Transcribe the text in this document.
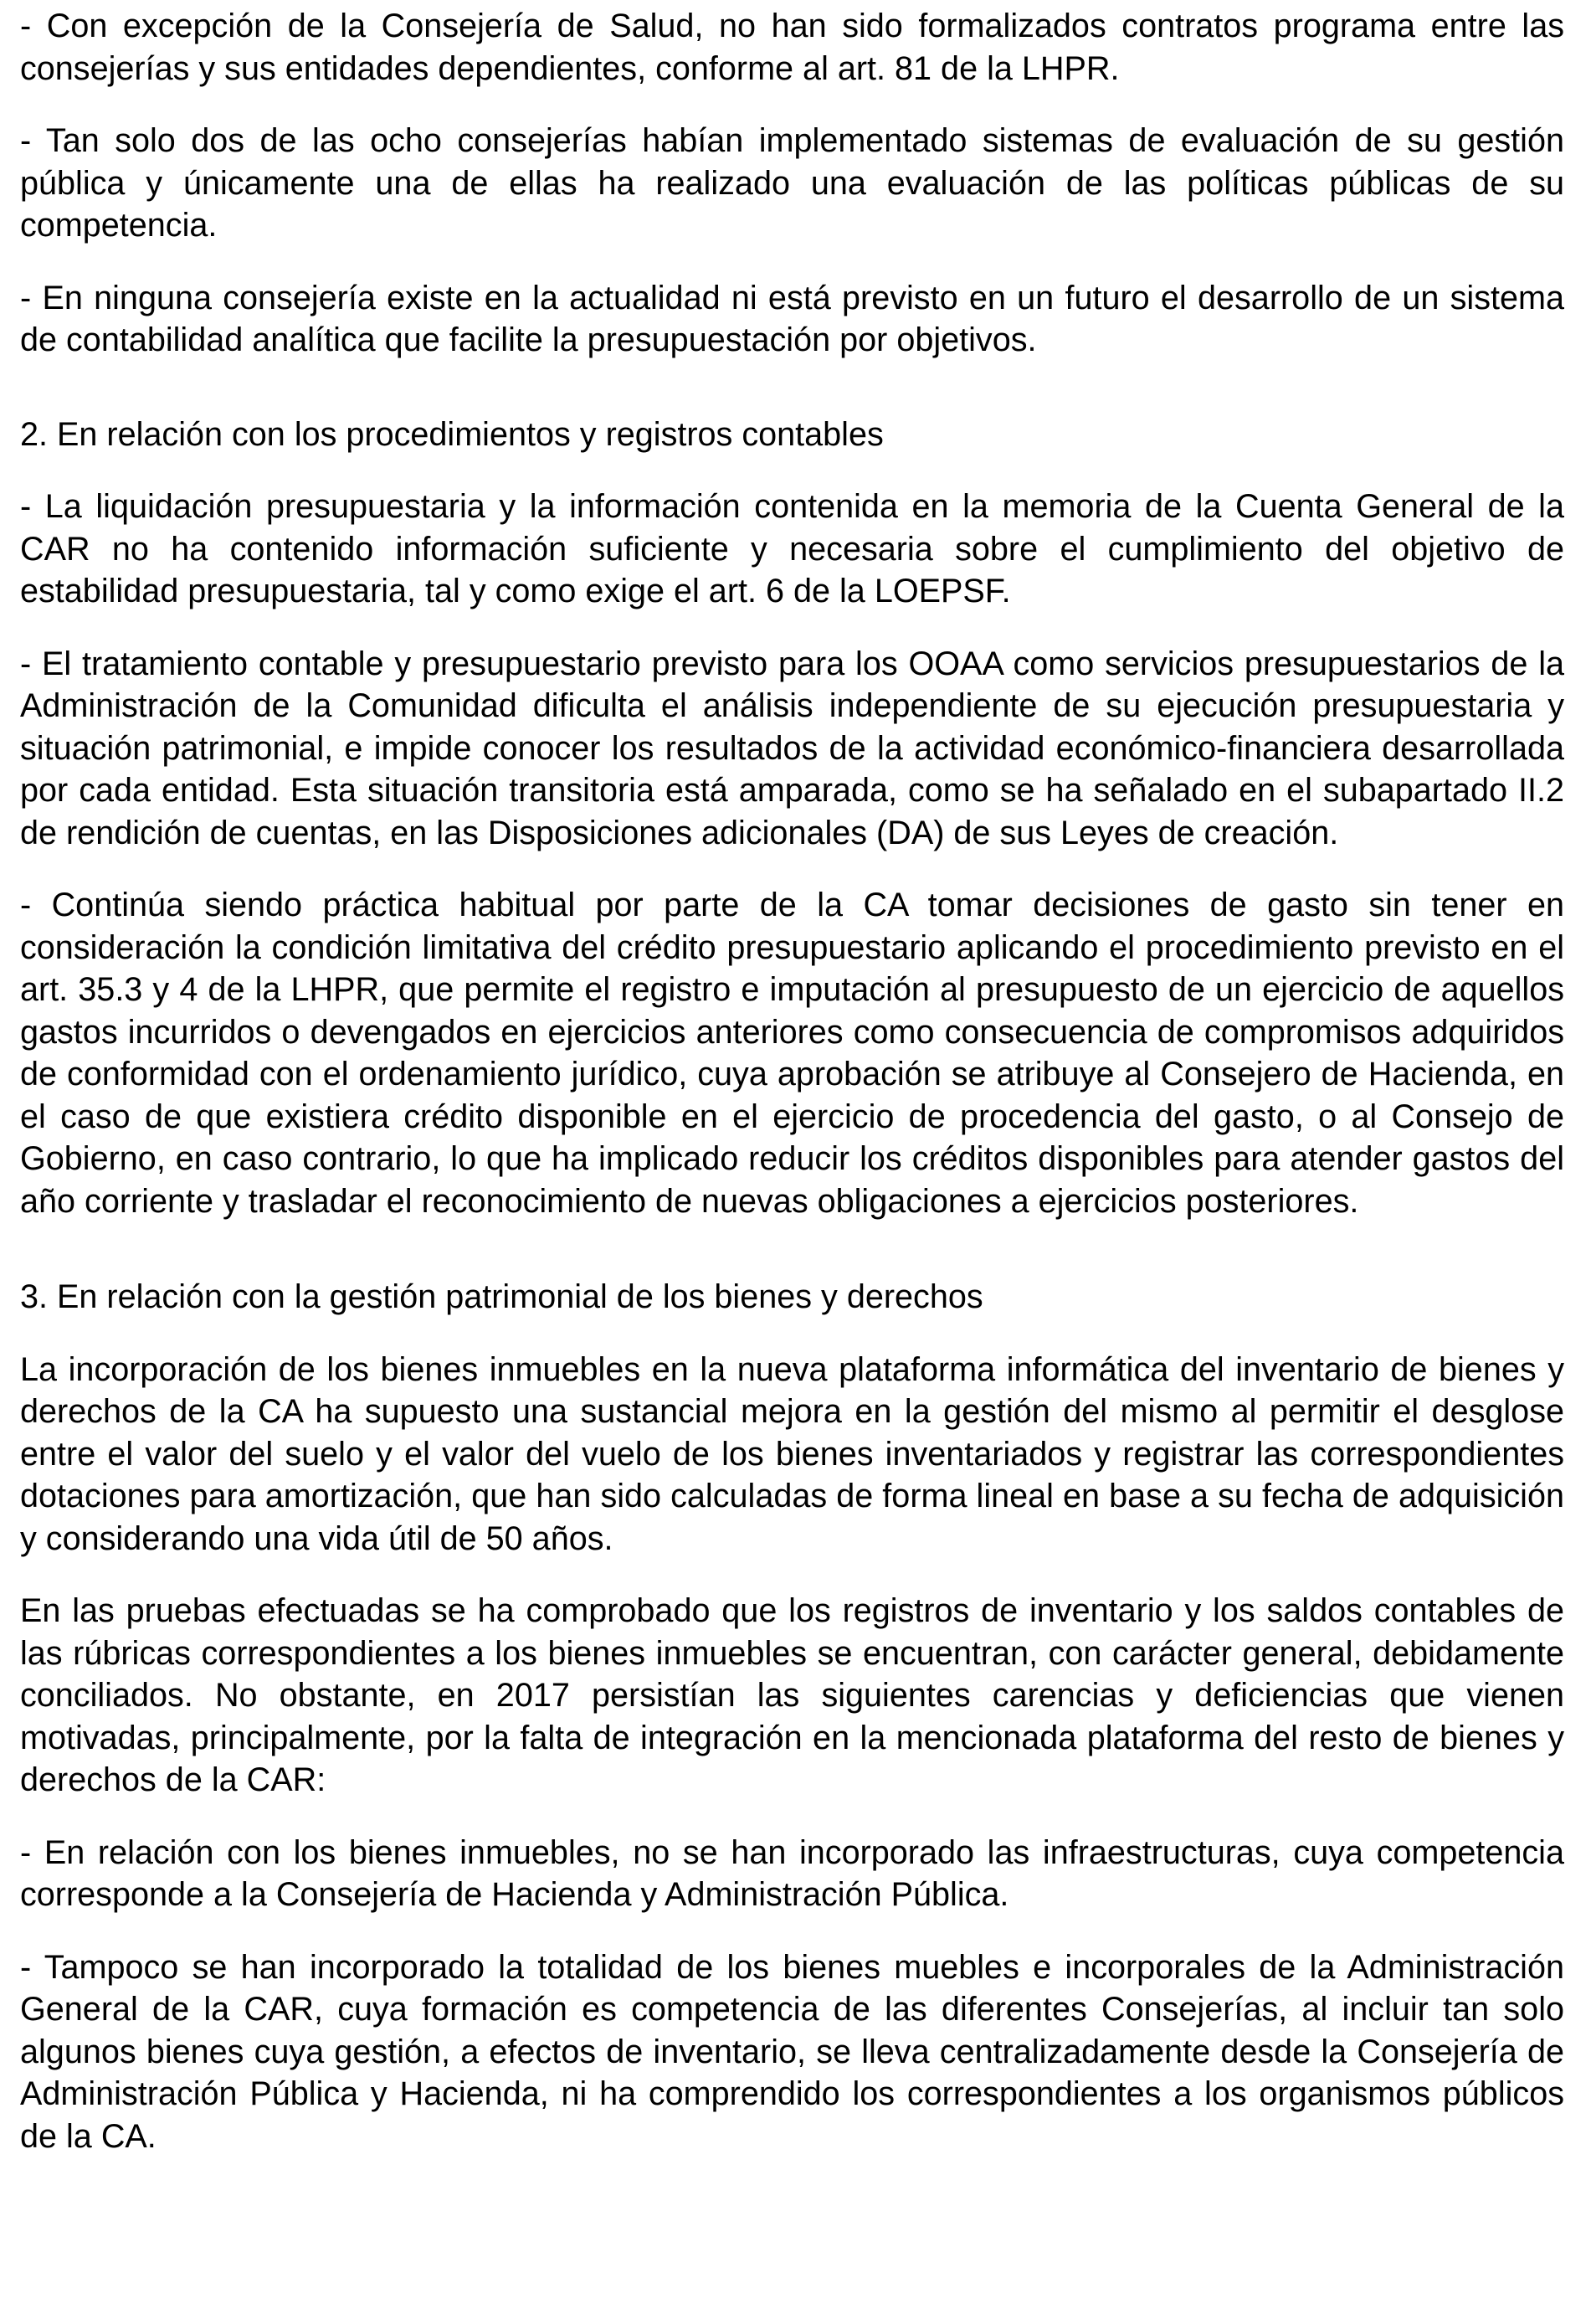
- Con excepción de la Consejería de Salud, no han sido formalizados contratos programa entre las consejerías y sus entidades dependientes, conforme al art. 81 de la LHPR.

- Tan solo dos de las ocho consejerías habían implementado sistemas de evaluación de su gestión pública y únicamente una de ellas ha realizado una evaluación de las políticas públicas de su competencia.

- En ninguna consejería existe en la actualidad ni está previsto en un futuro el desarrollo de un sistema de contabilidad analítica que facilite la presupuestación por objetivos.

2. En relación con los procedimientos y registros contables

- La liquidación presupuestaria y la información contenida en la memoria de la Cuenta General de la CAR no ha contenido información suficiente y necesaria sobre el cumplimiento del objetivo de estabilidad presupuestaria, tal y como exige el art. 6 de la LOEPSF.

- El tratamiento contable y presupuestario previsto para los OOAA como servicios presupuestarios de la Administración de la Comunidad dificulta el análisis independiente de su ejecución presupuestaria y situación patrimonial, e impide conocer los resultados de la actividad económico-financiera desarrollada por cada entidad. Esta situación transitoria está amparada, como se ha señalado en el subapartado II.2 de rendición de cuentas, en las Disposiciones adicionales (DA) de sus Leyes de creación.

- Continúa siendo práctica habitual por parte de la CA tomar decisiones de gasto sin tener en consideración la condición limitativa del crédito presupuestario aplicando el procedimiento previsto en el art. 35.3 y 4 de la LHPR, que permite el registro e imputación al presupuesto de un ejercicio de aquellos gastos incurridos o devengados en ejercicios anteriores como consecuencia de compromisos adquiridos de conformidad con el ordenamiento jurídico, cuya aprobación se atribuye al Consejero de Hacienda, en el caso de que existiera crédito disponible en el ejercicio de procedencia del gasto, o al Consejo de Gobierno, en caso contrario, lo que ha implicado reducir los créditos disponibles para atender gastos del año corriente y trasladar el reconocimiento de nuevas obligaciones a ejercicios posteriores.

3. En relación con la gestión patrimonial de los bienes y derechos

La incorporación de los bienes inmuebles en la nueva plataforma informática del inventario de bienes y derechos de la CA ha supuesto una sustancial mejora en la gestión del mismo al permitir el desglose entre el valor del suelo y el valor del vuelo de los bienes inventariados y registrar las correspondientes dotaciones para amortización, que han sido calculadas de forma lineal en base a su fecha de adquisición y considerando una vida útil de 50 años.

En las pruebas efectuadas se ha comprobado que los registros de inventario y los saldos contables de las rúbricas correspondientes a los bienes inmuebles se encuentran, con carácter general, debidamente conciliados. No obstante, en 2017 persistían las siguientes carencias y deficiencias que vienen motivadas, principalmente, por la falta de integración en la mencionada plataforma del resto de bienes y derechos de la CAR:

- En relación con los bienes inmuebles, no se han incorporado las infraestructuras, cuya competencia corresponde a la Consejería de Hacienda y Administración Pública.

- Tampoco se han incorporado la totalidad de los bienes muebles e incorporales de la Administración General de la CAR, cuya formación es competencia de las diferentes Consejerías, al incluir tan solo algunos bienes cuya gestión, a efectos de inventario, se lleva centralizadamente desde la Consejería de Administración Pública y Hacienda, ni ha comprendido los correspondientes a los organismos públicos de la CA.
